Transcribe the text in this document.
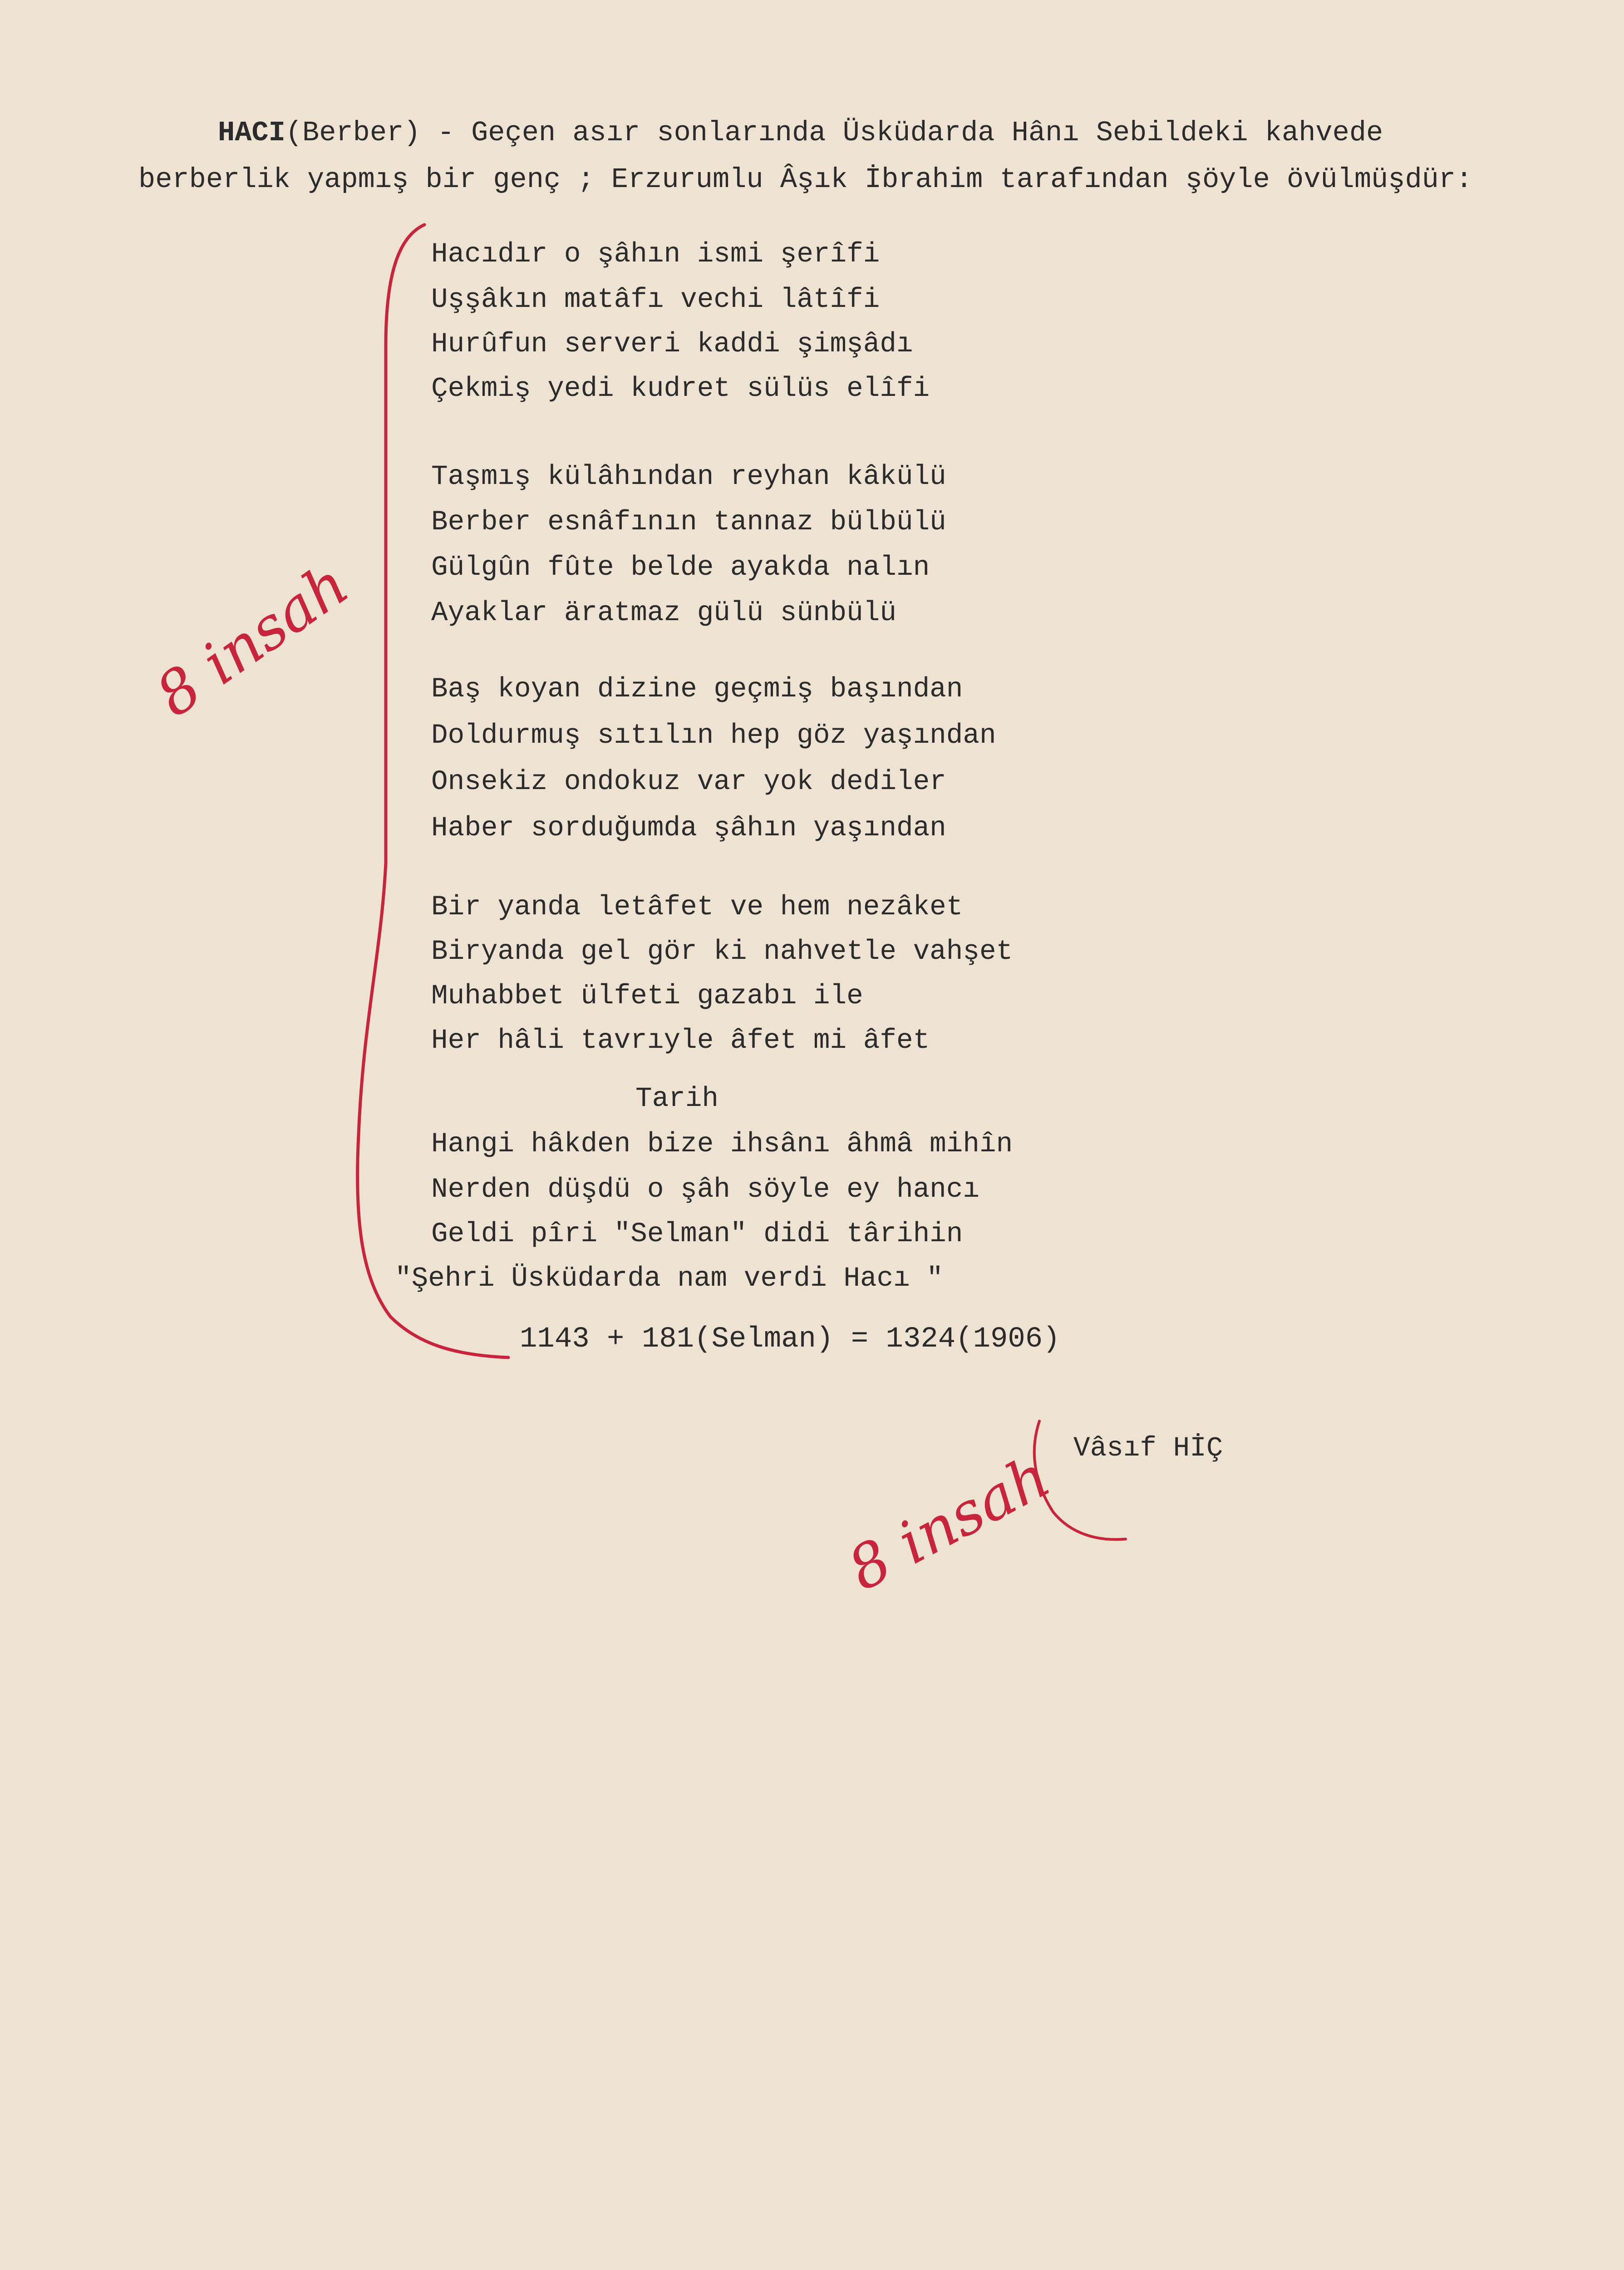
HACI(Berber) - Geçen asır sonlarında Üsküdarda Hânı Sebildeki kahvede
berberlik yapmış bir genç ; Erzurumlu Âşık İbrahim tarafından şöyle övülmüşdür:
Hacıdır o şâhın ismi şerîfi
Uşşâkın matâfı vechi lâtîfi
Hurûfun serveri kaddi şimşâdı
Çekmiş yedi kudret sülüs elîfi
Taşmış külâhından reyhan kâkülü
Berber esnâfının tannaz bülbülü
Gülgûn fûte belde ayakda nalın
Ayaklar äratmaz gülü sünbülü
Baş koyan dizine geçmiş başından
Doldurmuş sıtılın hep göz yaşından
Onsekiz ondokuz var yok dediler
Haber sorduğumda şâhın yaşından
Bir yanda letâfet ve hem nezâket
Biryanda gel gör ki nahvetle vahşet
Muhabbet ülfeti gazabı ile
Her hâli tavrıyle âfet mi âfet
Tarih
Hangi hâkden bize ihsânı âhmâ mihîn
Nerden düşdü o şâh söyle ey hancı
Geldi pîri "Selman" didi târihin
"Şehri Üsküdarda nam verdi Hacı "
1143 + 181(Selman) = 1324(1906)
Vâsıf HİÇ
8 insah
8 insah
